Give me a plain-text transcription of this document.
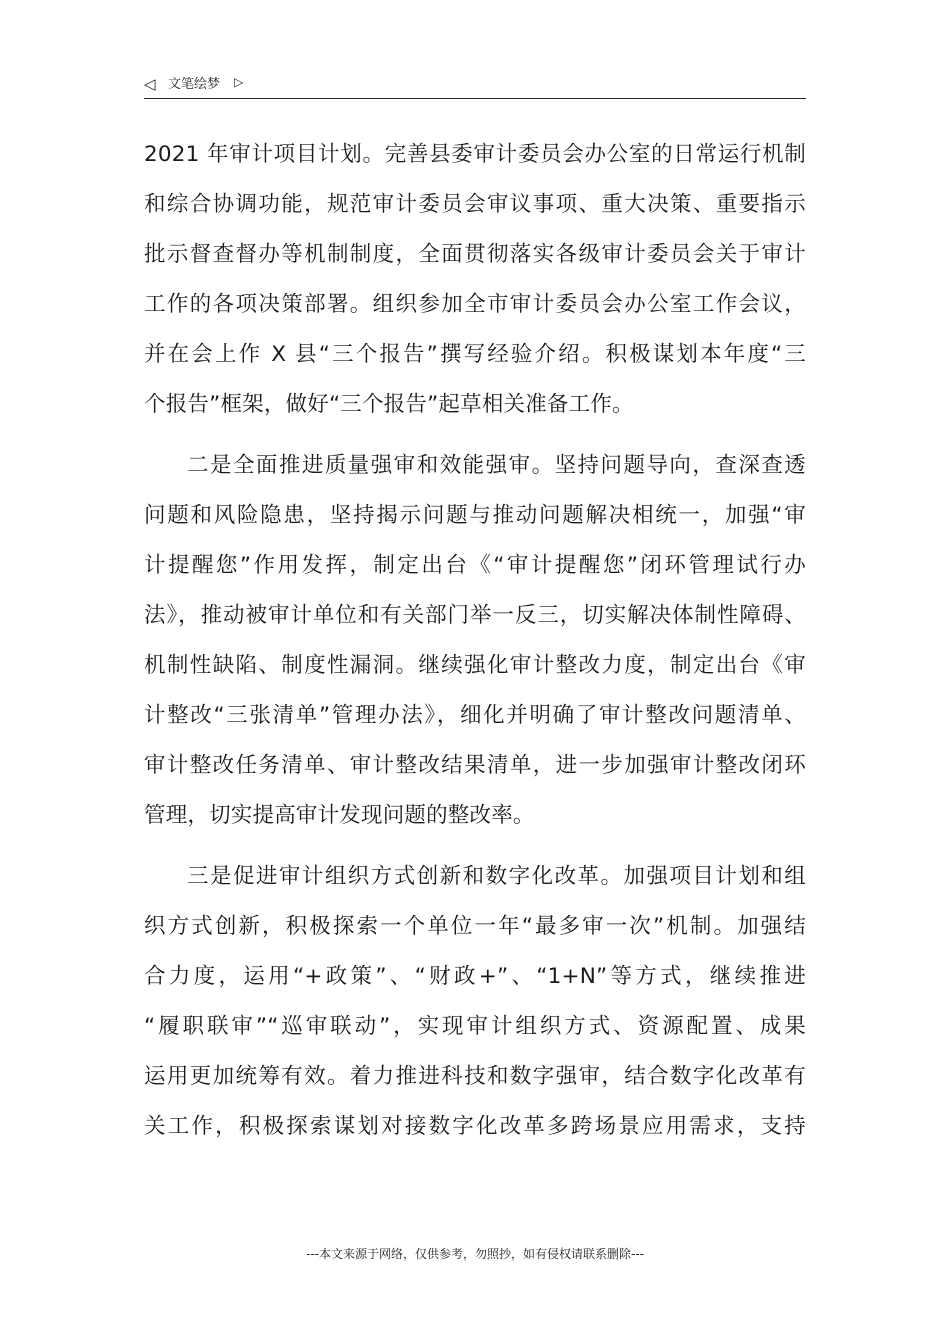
◁ 文笔绘梦 ▷
2021 年审计项目计划。完善县委审计委员会办公室的日常运行机制
和综合协调功能，规范审计委员会审议事项、重大决策、重要指示
批示督查督办等机制制度，全面贯彻落实各级审计委员会关于审计
工作的各项决策部署。组织参加全市审计委员会办公室工作会议，
并在会上作 X 县“三个报告”撰写经验介绍。积极谋划本年度“三
个报告”框架，做好“三个报告”起草相关准备工作。
二是全面推进质量强审和效能强审。坚持问题导向，查深查透
问题和风险隐患，坚持揭示问题与推动问题解决相统一，加强“审
计提醒您”作用发挥，制定出台《“审计提醒您”闭环管理试行办
法》，推动被审计单位和有关部门举一反三，切实解决体制性障碍、
机制性缺陷、制度性漏洞。继续强化审计整改力度，制定出台《审
计整改“三张清单”管理办法》，细化并明确了审计整改问题清单、
审计整改任务清单、审计整改结果清单，进一步加强审计整改闭环
管理，切实提高审计发现问题的整改率。
三是促进审计组织方式创新和数字化改革。加强项目计划和组
织方式创新，积极探索一个单位一年“最多审一次”机制。加强结
合力度，运用“+政策”、“财政+”、“1+N”等方式，继续推进
“履职联审”“巡审联动”，实现审计组织方式、资源配置、成果
运用更加统筹有效。着力推进科技和数字强审，结合数字化改革有
关工作，积极探索谋划对接数字化改革多跨场景应用需求，支持
---本文来源于网络，仅供参考，勿照抄，如有侵权请联系删除---
